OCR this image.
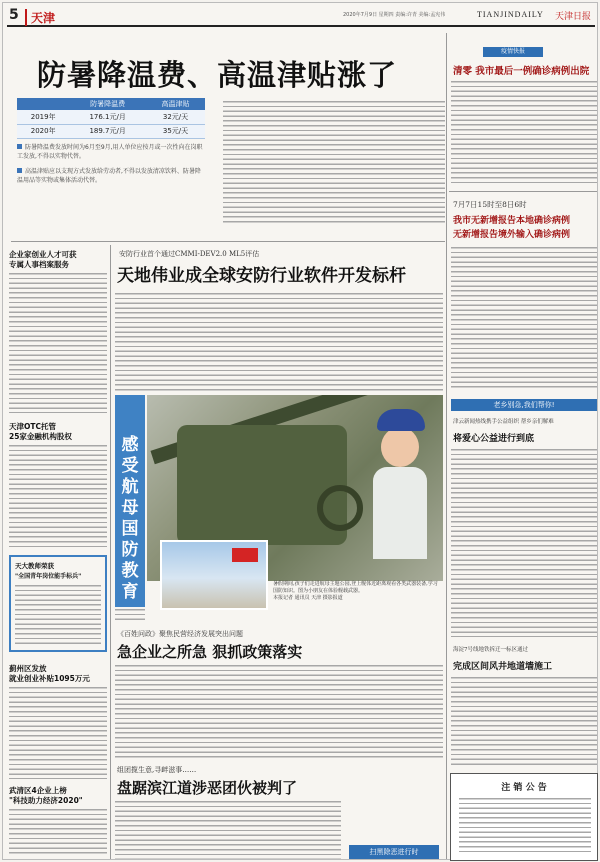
5	天津	2020年7月9日 星期四 责编:许青 美编:孟宪伟	TIANJINDAILY 天津日报
防暑降温费、高温津贴涨了
	防暑降温费	高温津贴
2019年	176.1元/月	32元/天
2020年	189.7元/月	35元/天

防暑降温费发放时间为6月至9月,用人单位应按月或一次性向在岗职工发放,不得以实物代替。

高温津贴应以支现方式发放给劳动者,不得以发放清凉饮料、防暑降温用品等实物或集体活动代替。

疫情快报
清零 我市最后一例确诊病例出院
7月7日15时至8日6时
我市无新增报告本地确诊病例
无新增报告境外输入确诊病例
老乡别急,我们帮你!
津云新闻热线携手公益组织 帮乡亲们解难
将爱心公益进行到底
海淀7号线地铁拆迁一标区通过
完成区间风井地道墙施工
注 销 公 告
企业家创业人才可获
专属人事档案服务
天津OTC托管
25家金融机构股权
天大教师荣获
"全国青年岗位能手标兵"
蓟州区发放
就业创业补贴1095万元
武清区4企业上榜
"科技助力经济2020"
安防行业首个通过CMMI-DEV2.0 ML5评估
天地伟业成全球安防行业软件开发标杆
感受航母国防教育	暑假期间,孩子们走进航母主题公园,登上舰体近距离观看各类武器装备,学习国防知识。图为小朋友在体验舰载武器。
本报记者 通讯员 天津 摄影报道
《百姓问政》聚焦民营经济发展突出问题
急企业之所急 狠抓政策落实
组团揽生意,寻衅滋事……
盘踞滨江道涉恶团伙被判了
扫黑除恶进行时
